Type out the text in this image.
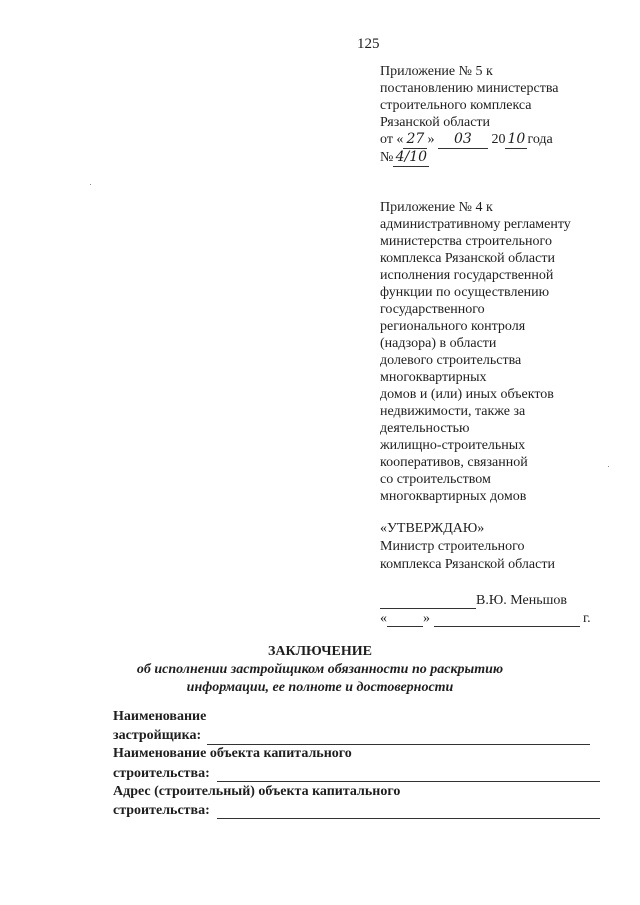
125
Приложение № 5 к
постановлению министерства
строительного комплекса
Рязанской области
от « 27 » 03 20 10 года
№ 4/10
Приложение № 4 к
административному регламенту
министерства строительного
комплекса Рязанской области
исполнения государственной
функции по осуществлению
государственного
регионального контроля
(надзора) в области
долевого строительства
многоквартирных
домов и (или) иных объектов
недвижимости, также за
деятельностью
жилищно-строительных
кооперативов, связанной
со строительством
многоквартирных домов
«УТВЕРЖДАЮ»
Министр строительного
комплекса Рязанской области
В.Ю. Меньшов
«	»	г.
ЗАКЛЮЧЕНИЕ
об исполнении застройщиком обязанности по раскрытию
информации, ее полноте и достоверности
Наименование
застройщика:
Наименование объекта капитального
строительства:
Адрес (строительный) объекта капитального
строительства:
